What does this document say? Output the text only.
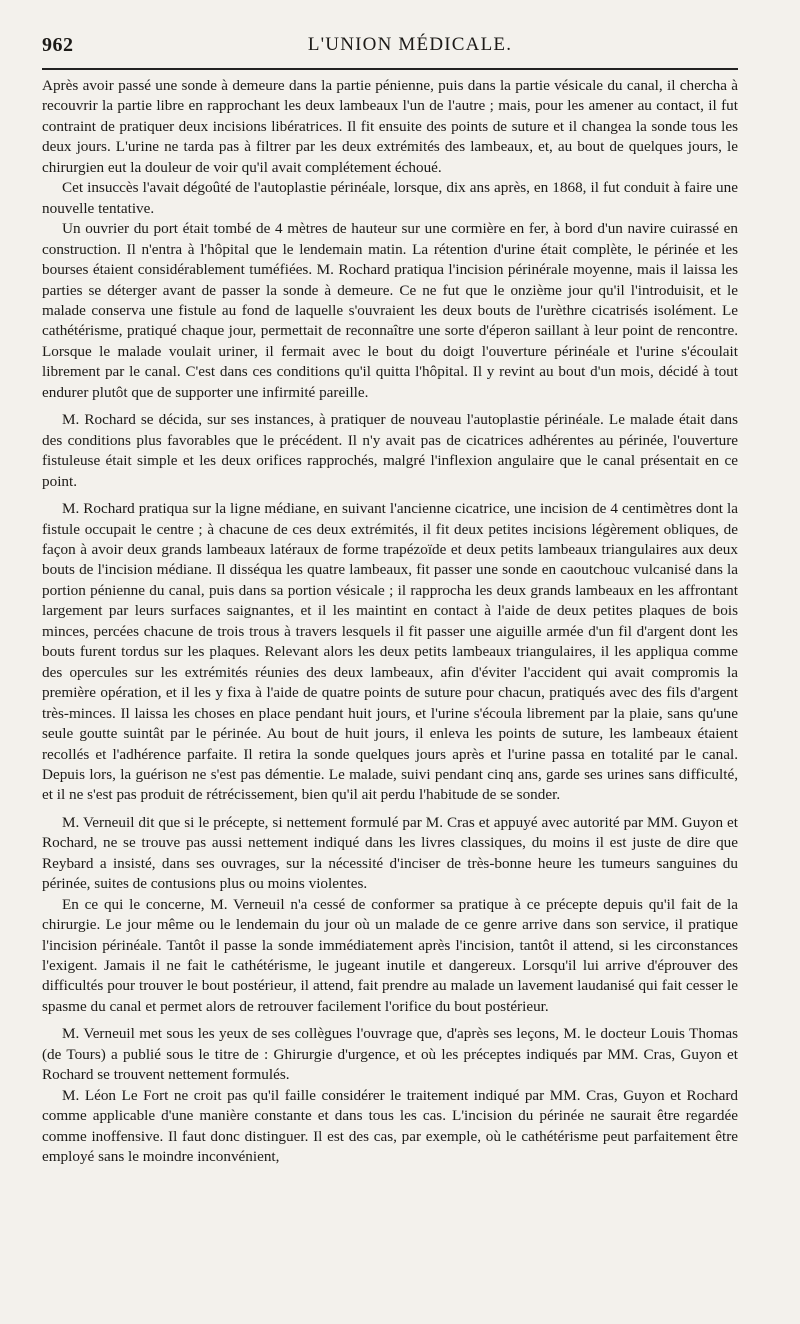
962	L'UNION MÉDICALE.

Après avoir passé une sonde à demeure dans la partie pénienne, puis dans la partie vésicale du canal, il chercha à recouvrir la partie libre en rapprochant les deux lambeaux l'un de l'autre ; mais, pour les amener au contact, il fut contraint de pratiquer deux incisions libératrices. Il fit ensuite des points de suture et il changea la sonde tous les deux jours. L'urine ne tarda pas à filtrer par les deux extrémités des lambeaux, et, au bout de quelques jours, le chirurgien eut la douleur de voir qu'il avait complétement échoué.

Cet insuccès l'avait dégoûté de l'autoplastie périnéale, lorsque, dix ans après, en 1868, il fut conduit à faire une nouvelle tentative.

Un ouvrier du port était tombé de 4 mètres de hauteur sur une cormière en fer, à bord d'un navire cuirassé en construction. Il n'entra à l'hôpital que le lendemain matin. La rétention d'urine était complète, le périnée et les bourses étaient considérablement tuméfiées. M. Rochard pratiqua l'incision périnérale moyenne, mais il laissa les parties se déterger avant de passer la sonde à demeure. Ce ne fut que le onzième jour qu'il l'introduisit, et le malade conserva une fistule au fond de laquelle s'ouvraient les deux bouts de l'urèthre cicatrisés isolément. Le cathétérisme, pratiqué chaque jour, permettait de reconnaître une sorte d'éperon saillant à leur point de rencontre. Lorsque le malade voulait uriner, il fermait avec le bout du doigt l'ouverture périnéale et l'urine s'écoulait librement par le canal. C'est dans ces conditions qu'il quitta l'hôpital. Il y revint au bout d'un mois, décidé à tout endurer plutôt que de supporter une infirmité pareille.

M. Rochard se décida, sur ses instances, à pratiquer de nouveau l'autoplastie périnéale. Le malade était dans des conditions plus favorables que le précédent. Il n'y avait pas de cicatrices adhérentes au périnée, l'ouverture fistuleuse était simple et les deux orifices rapprochés, malgré l'inflexion angulaire que le canal présentait en ce point.

M. Rochard pratiqua sur la ligne médiane, en suivant l'ancienne cicatrice, une incision de 4 centimètres dont la fistule occupait le centre ; à chacune de ces deux extrémités, il fit deux petites incisions légèrement obliques, de façon à avoir deux grands lambeaux latéraux de forme trapézoïde et deux petits lambeaux triangulaires aux deux bouts de l'incision médiane. Il disséqua les quatre lambeaux, fit passer une sonde en caoutchouc vulcanisé dans la portion pénienne du canal, puis dans sa portion vésicale ; il rapprocha les deux grands lambeaux en les affrontant largement par leurs surfaces saignantes, et il les maintint en contact à l'aide de deux petites plaques de bois minces, percées chacune de trois trous à travers lesquels il fit passer une aiguille armée d'un fil d'argent dont les bouts furent tordus sur les plaques. Relevant alors les deux petits lambeaux triangulaires, il les appliqua comme des opercules sur les extrémités réunies des deux lambeaux, afin d'éviter l'accident qui avait compromis la première opération, et il les y fixa à l'aide de quatre points de suture pour chacun, pratiqués avec des fils d'argent très-minces. Il laissa les choses en place pendant huit jours, et l'urine s'écoula librement par la plaie, sans qu'une seule goutte suintât par le périnée. Au bout de huit jours, il enleva les points de suture, les lambeaux étaient recollés et l'adhérence parfaite. Il retira la sonde quelques jours après et l'urine passa en totalité par le canal. Depuis lors, la guérison ne s'est pas démentie. Le malade, suivi pendant cinq ans, garde ses urines sans difficulté, et il ne s'est pas produit de rétrécissement, bien qu'il ait perdu l'habitude de se sonder.

M. Verneuil dit que si le précepte, si nettement formulé par M. Cras et appuyé avec autorité par MM. Guyon et Rochard, ne se trouve pas aussi nettement indiqué dans les livres classiques, du moins il est juste de dire que Reybard a insisté, dans ses ouvrages, sur la nécessité d'inciser de très-bonne heure les tumeurs sanguines du périnée, suites de contusions plus ou moins violentes.

En ce qui le concerne, M. Verneuil n'a cessé de conformer sa pratique à ce précepte depuis qu'il fait de la chirurgie. Le jour même ou le lendemain du jour où un malade de ce genre arrive dans son service, il pratique l'incision périnéale. Tantôt il passe la sonde immédiatement après l'incision, tantôt il attend, si les circonstances l'exigent. Jamais il ne fait le cathétérisme, le jugeant inutile et dangereux. Lorsqu'il lui arrive d'éprouver des difficultés pour trouver le bout postérieur, il attend, fait prendre au malade un lavement laudanisé qui fait cesser le spasme du canal et permet alors de retrouver facilement l'orifice du bout postérieur.

M. Verneuil met sous les yeux de ses collègues l'ouvrage que, d'après ses leçons, M. le docteur Louis Thomas (de Tours) a publié sous le titre de : Ghirurgie d'urgence, et où les préceptes indiqués par MM. Cras, Guyon et Rochard se trouvent nettement formulés.

M. Léon Le Fort ne croit pas qu'il faille considérer le traitement indiqué par MM. Cras, Guyon et Rochard comme applicable d'une manière constante et dans tous les cas. L'incision du périnée ne saurait être regardée comme inoffensive. Il faut donc distinguer. Il est des cas, par exemple, où le cathétérisme peut parfaitement être employé sans le moindre inconvénient,
